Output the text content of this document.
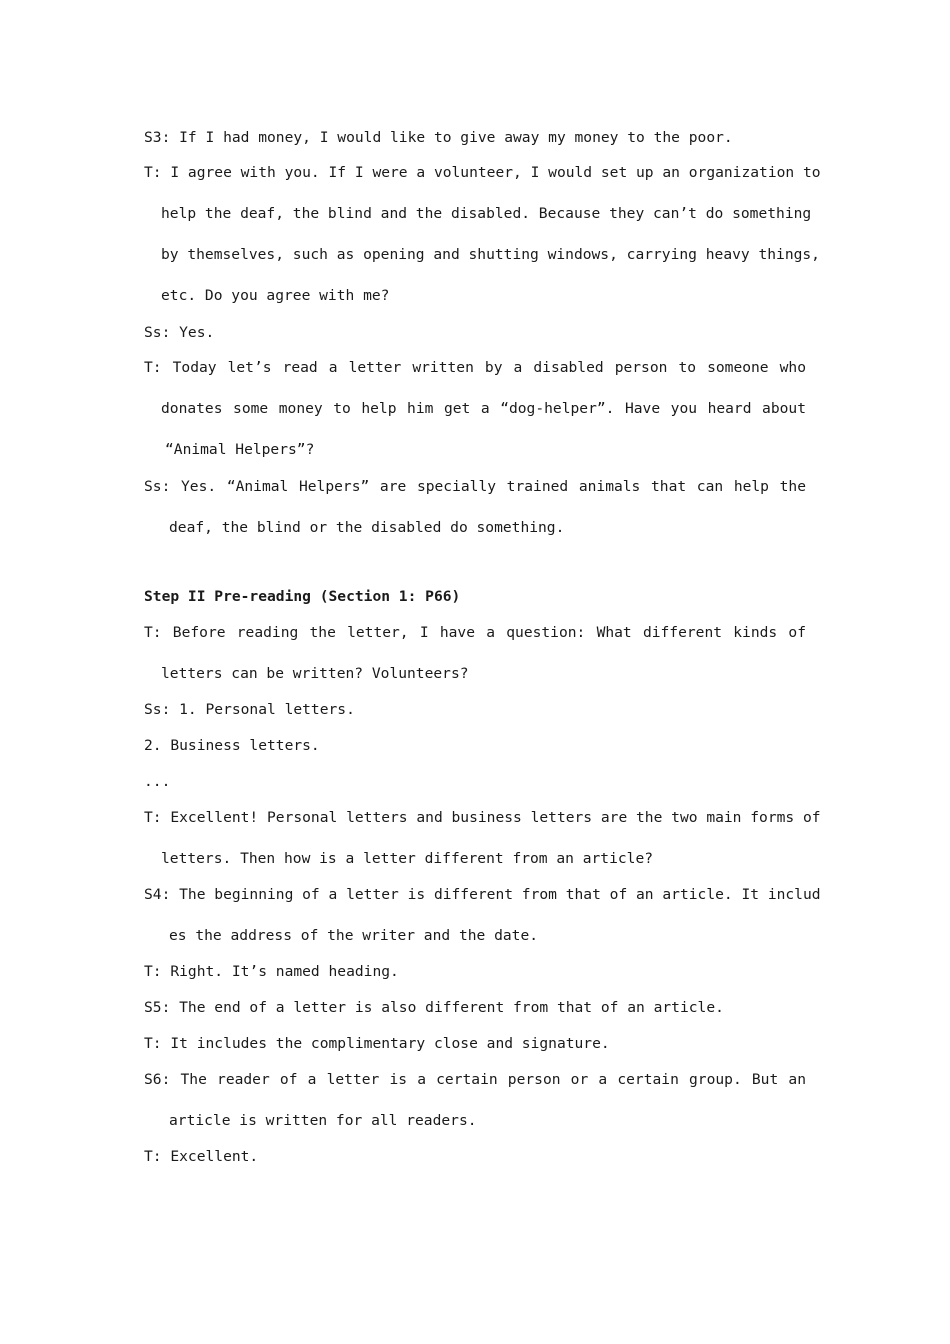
S3: If I had money, I would like to give away my money to the poor.
T: I agree with you. If I were a volunteer, I would set up an organization to
help the deaf, the blind and the disabled. Because they can’t do something
by themselves, such as opening and shutting windows, carrying heavy things,
etc. Do you agree with me?
Ss: Yes.
T: Today let’s read a letter written by a disabled person to someone who
donates some money to help him get a “dog-helper”. Have you heard about
“Animal Helpers”?
Ss: Yes. “Animal Helpers” are specially trained animals that can help the
deaf, the blind or the disabled do something.
Step II Pre-reading (Section 1: P66)
T: Before reading the letter, I have a question: What different kinds of
letters can be written? Volunteers?
Ss: 1. Personal letters.
2. Business letters.
...
T: Excellent! Personal letters and business letters are the two main forms of
letters. Then how is a letter different from an article?
S4: The beginning of a letter is different from that of an article. It includ
es the address of the writer and the date.
T: Right. It’s named heading.
S5: The end of a letter is also different from that of an article.
T: It includes the complimentary close and signature.
S6: The reader of a letter is a certain person or a certain group. But an
article is written for all readers.
T: Excellent.
